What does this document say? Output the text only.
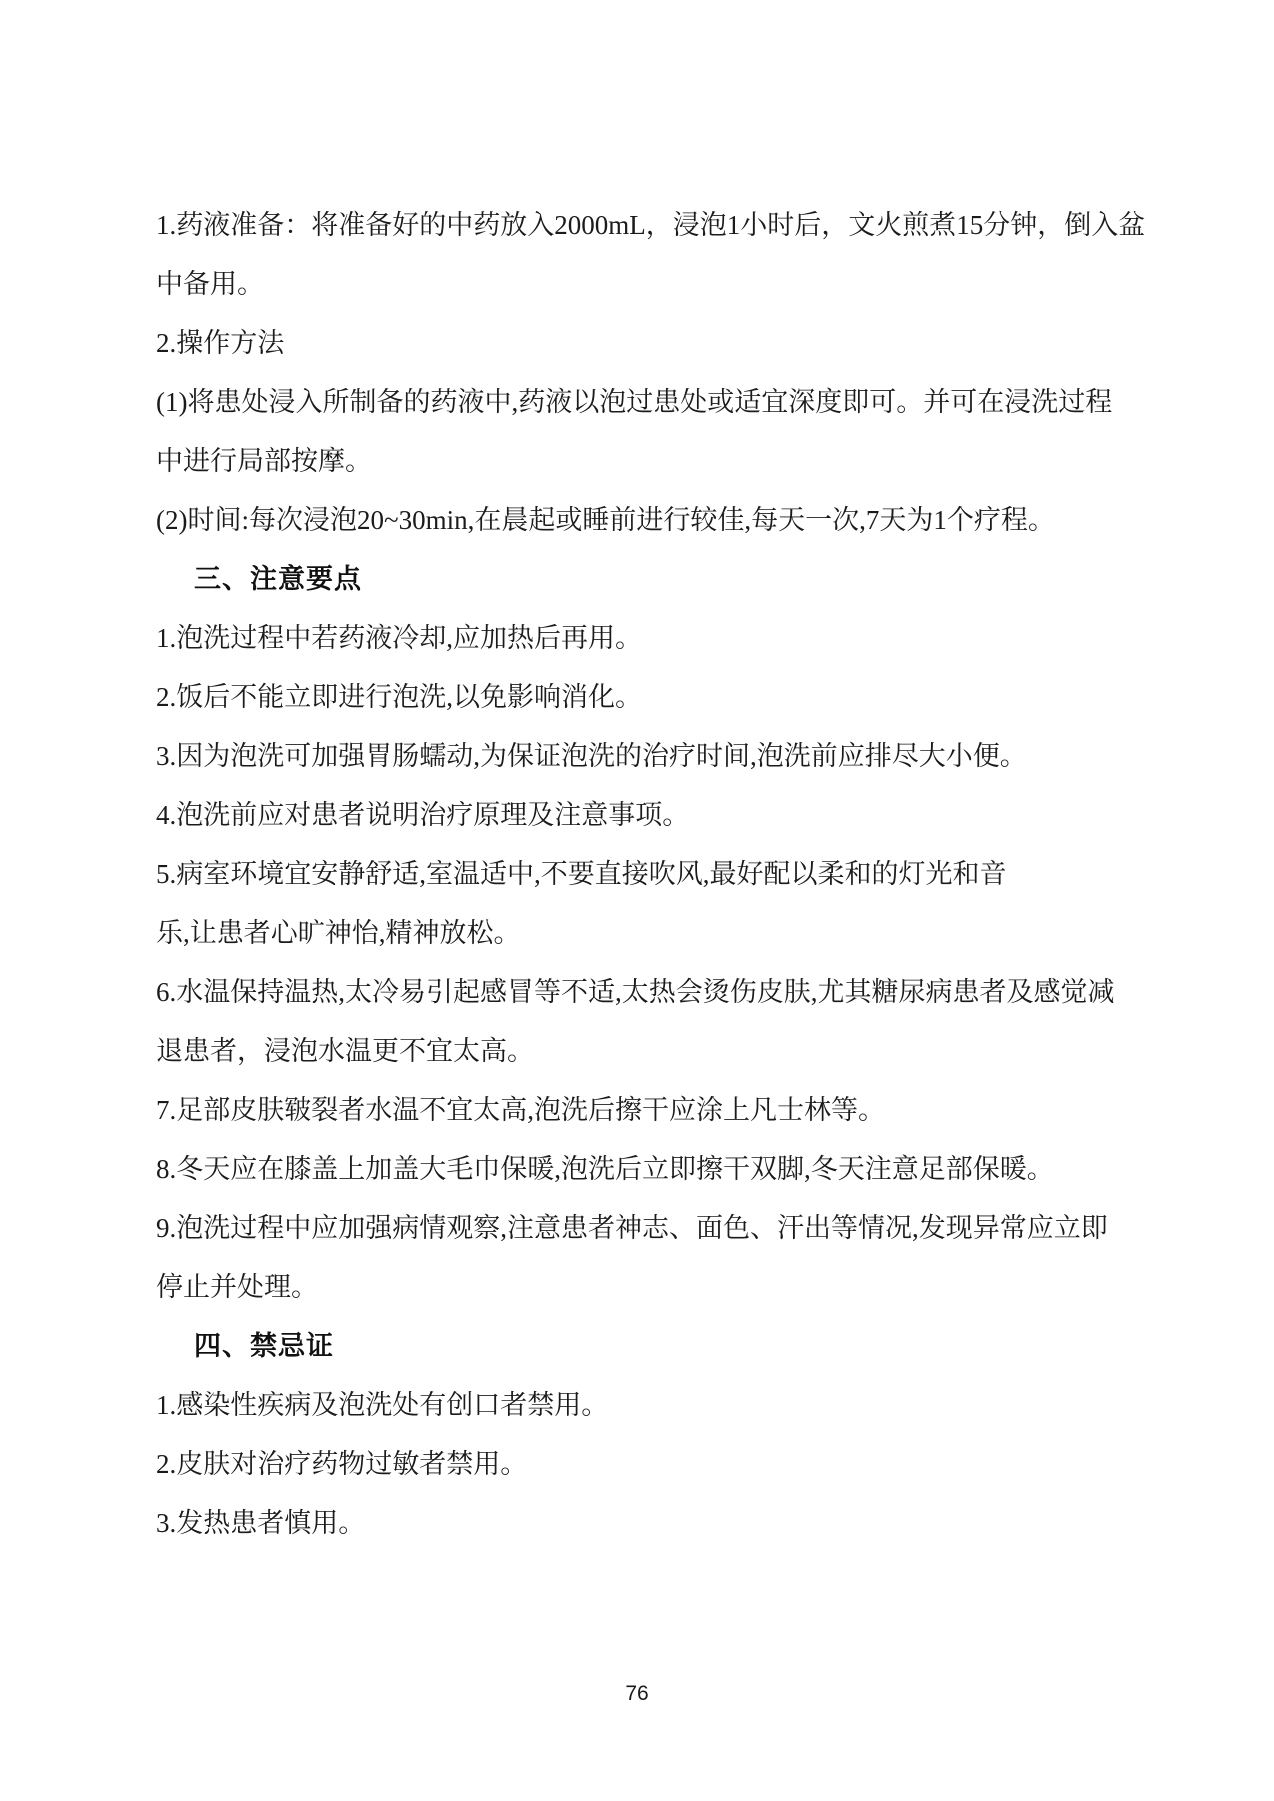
1.药液准备：将准备好的中药放入2000mL，浸泡1小时后，文火煎煮15分钟，倒入盆
中备用。
2.操作方法
(1)将患处浸入所制备的药液中,药液以泡过患处或适宜深度即可。并可在浸洗过程
中进行局部按摩。
(2)时间:每次浸泡20~30min,在晨起或睡前进行较佳,每天一次,7天为1个疗程。
三、注意要点
1.泡洗过程中若药液冷却,应加热后再用。
2.饭后不能立即进行泡洗,以免影响消化。
3.因为泡洗可加强胃肠蠕动,为保证泡洗的治疗时间,泡洗前应排尽大小便。
4.泡洗前应对患者说明治疗原理及注意事项。
5.病室环境宜安静舒适,室温适中,不要直接吹风,最好配以柔和的灯光和音
乐,让患者心旷神怡,精神放松。
6.水温保持温热,太冷易引起感冒等不适,太热会烫伤皮肤,尤其糖尿病患者及感觉减
退患者，浸泡水温更不宜太高。
7.足部皮肤皲裂者水温不宜太高,泡洗后擦干应涂上凡士林等。
8.冬天应在膝盖上加盖大毛巾保暖,泡洗后立即擦干双脚,冬天注意足部保暖。
9.泡洗过程中应加强病情观察,注意患者神志、面色、汗出等情况,发现异常应立即
停止并处理。
四、禁忌证
1.感染性疾病及泡洗处有创口者禁用。
2.皮肤对治疗药物过敏者禁用。
3.发热患者慎用。
76
